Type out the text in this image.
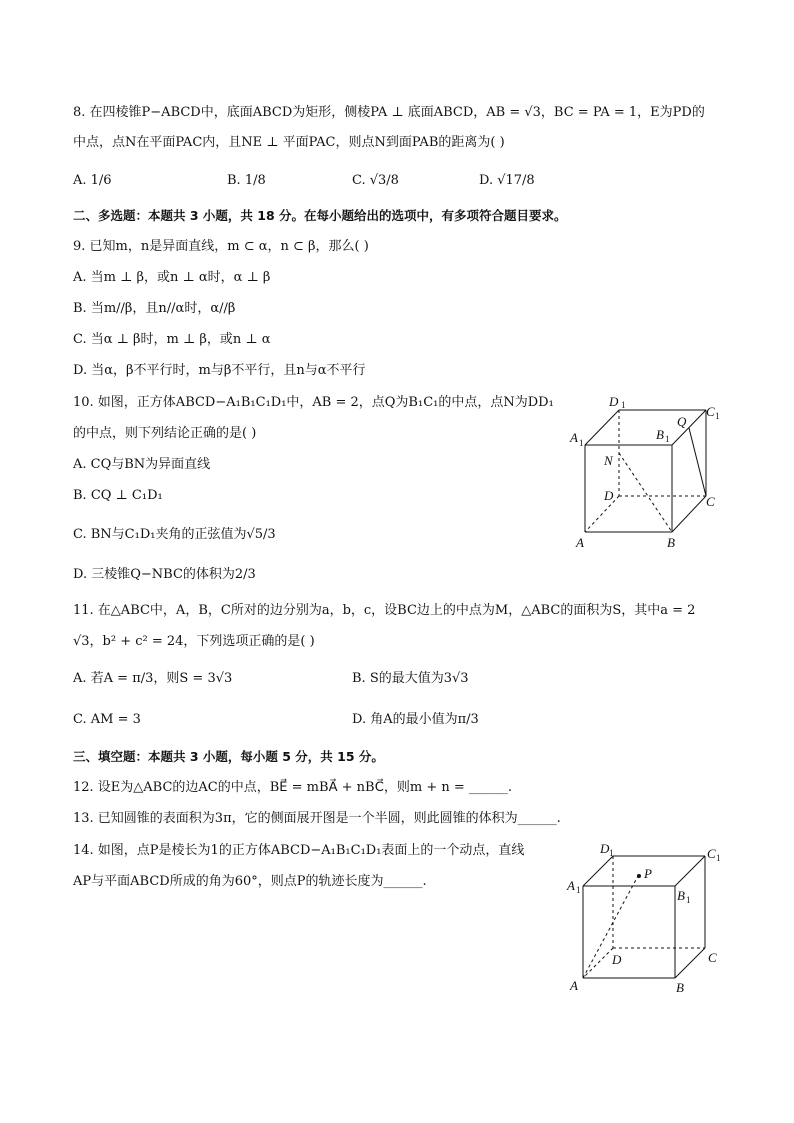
8. 在四棱锥P−ABCD中，底面ABCD为矩形，侧棱PA ⊥ 底面ABCD，AB = √3，BC = PA = 1，E为PD的
中点，点N在平面PAC内，且NE ⊥ 平面PAC，则点N到面PAB的距离为( )
A. 1/6	B. 1/8	C. √3/8	D. √17/8
二、多选题：本题共 3 小题，共 18 分。在每小题给出的选项中，有多项符合题目要求。
9. 已知m，n是异面直线，m ⊂ α，n ⊂ β，那么( )
A. 当m ⊥ β，或n ⊥ α时，α ⊥ β
B. 当m//β，且n//α时，α//β
C. 当α ⊥ β时，m ⊥ β，或n ⊥ α
D. 当α，β不平行时，m与β不平行，且n与α不平行
10. 如图，正方体ABCD−A₁B₁C₁D₁中，AB = 2，点Q为B₁C₁的中点，点N为DD₁
的中点，则下列结论正确的是( )
A. CQ与BN为异面直线
B. CQ ⊥ C₁D₁
C. BN与C₁D₁夹角的正弦值为√5/3
D. 三棱锥Q−NBC的体积为2/3
D 1	C 1
Q
A 1
B 1
N
D	C
A	B
11. 在△ABC中，A，B，C所对的边分别为a，b，c，设BC边上的中点为M，△ABC的面积为S，其中a = 2
√3，b² + c² = 24，下列选项正确的是( )
A. 若A = π/3，则S = 3√3	B. S的最大值为3√3
C. AM = 3	D. 角A的最小值为π/3
三、填空题：本题共 3 小题，每小题 5 分，共 15 分。
12. 设E为△ABC的边AC的中点，BE⃗ = mBA⃗ + nBC⃗，则m + n = ______.
13. 已知圆锥的表面积为3π，它的侧面展开图是一个半圆，则此圆锥的体积为______.
14. 如图，点P是棱长为1的正方体ABCD−A₁B₁C₁D₁表面上的一个动点，直线
AP与平面ABCD所成的角为60°，则点P的轨迹长度为______.
P
D 1	C 1
A 1	B 1
D	C
A	B
